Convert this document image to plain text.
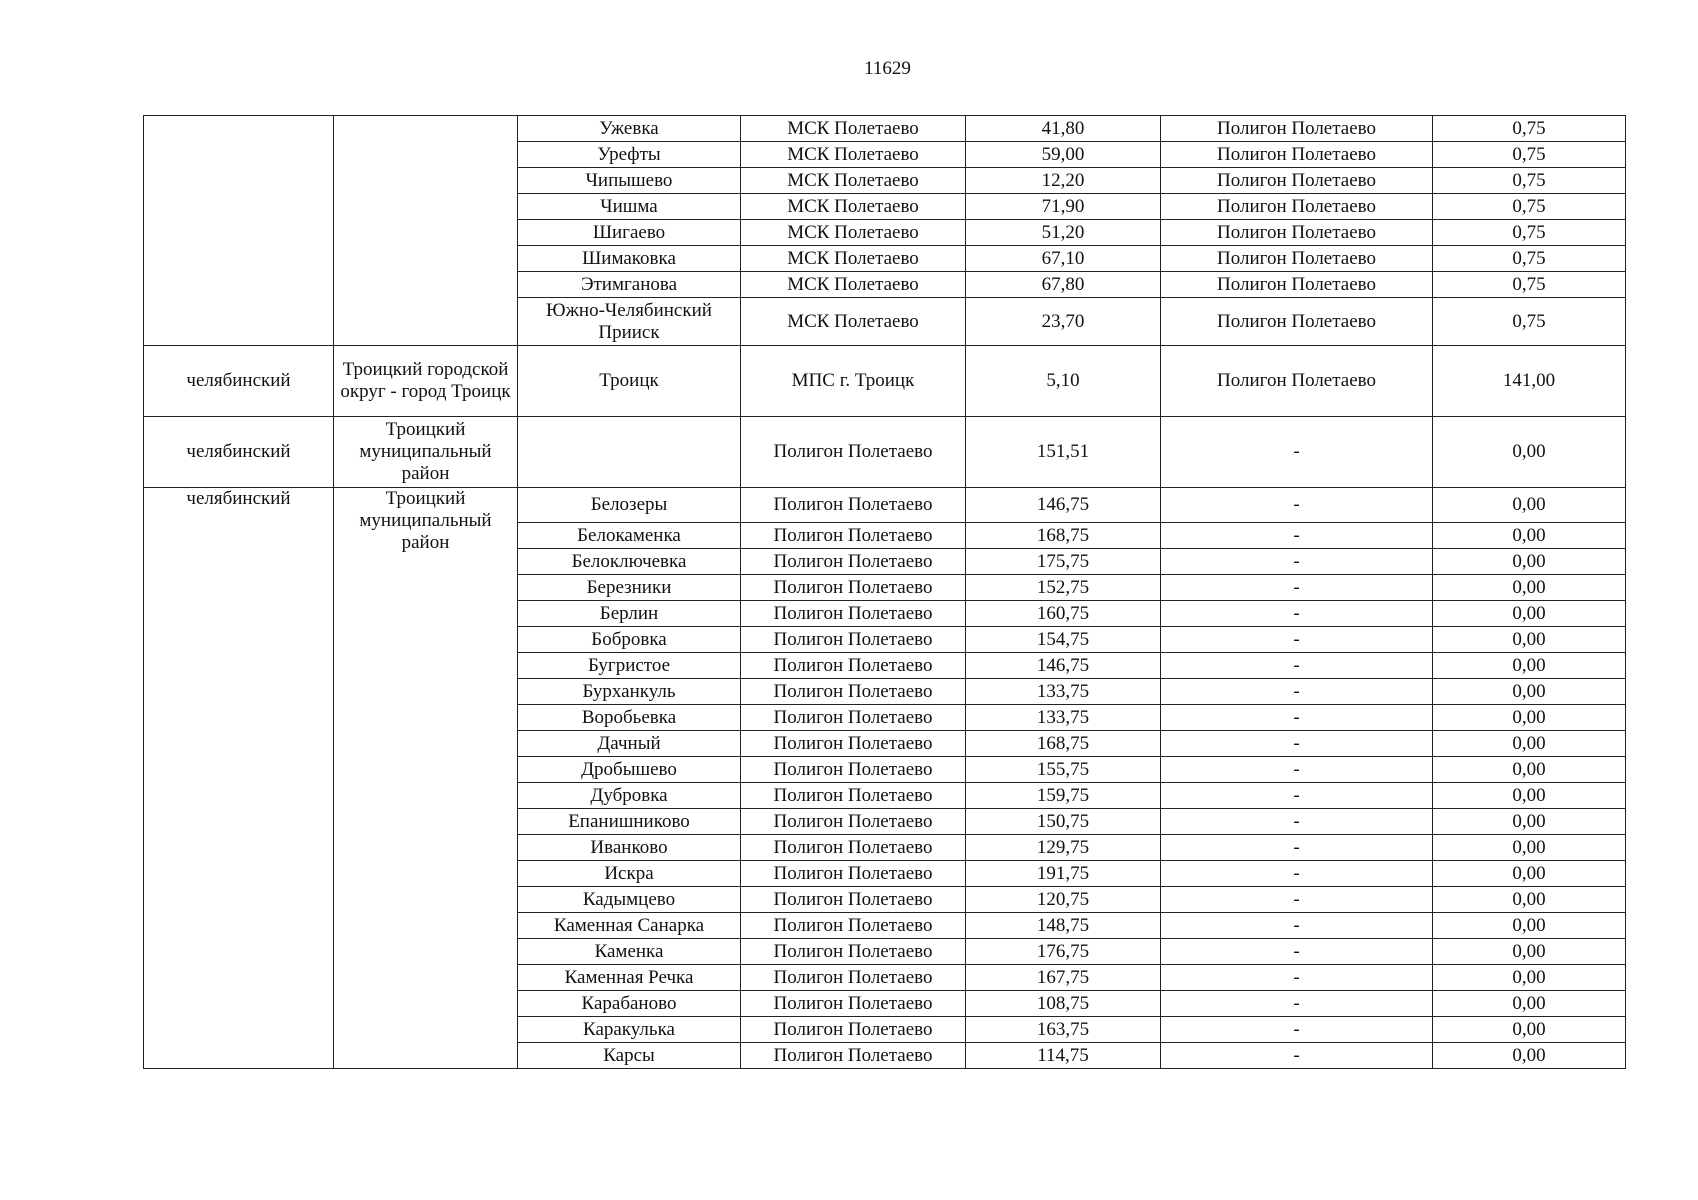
11629
		Ужевка	МСК Полетаево	41,80	Полигон Полетаево	0,75
		Урефты	МСК Полетаево	59,00	Полигон Полетаево	0,75
		Чипышево	МСК Полетаево	12,20	Полигон Полетаево	0,75
		Чишма	МСК Полетаево	71,90	Полигон Полетаево	0,75
		Шигаево	МСК Полетаево	51,20	Полигон Полетаево	0,75
		Шимаковка	МСК Полетаево	67,10	Полигон Полетаево	0,75
		Этимганова	МСК Полетаево	67,80	Полигон Полетаево	0,75
		Южно-Челябинский Прииск	МСК Полетаево	23,70	Полигон Полетаево	0,75
челябинский	Троицкий городской округ - город Троицк	Троицк	МПС г. Троицк	5,10	Полигон Полетаево	141,00
челябинский	Троицкий муниципальный район		Полигон Полетаево	151,51	-	0,00
челябинский	Троицкий муниципальный район	Белозеры	Полигон Полетаево	146,75	-	0,00
		Белокаменка	Полигон Полетаево	168,75	-	0,00
		Белоключевка	Полигон Полетаево	175,75	-	0,00
		Березники	Полигон Полетаево	152,75	-	0,00
		Берлин	Полигон Полетаево	160,75	-	0,00
		Бобровка	Полигон Полетаево	154,75	-	0,00
		Бугристое	Полигон Полетаево	146,75	-	0,00
		Бурханкуль	Полигон Полетаево	133,75	-	0,00
		Воробьевка	Полигон Полетаево	133,75	-	0,00
		Дачный	Полигон Полетаево	168,75	-	0,00
		Дробышево	Полигон Полетаево	155,75	-	0,00
		Дубровка	Полигон Полетаево	159,75	-	0,00
		Епанишниково	Полигон Полетаево	150,75	-	0,00
		Иванково	Полигон Полетаево	129,75	-	0,00
		Искра	Полигон Полетаево	191,75	-	0,00
		Кадымцево	Полигон Полетаево	120,75	-	0,00
		Каменная Санарка	Полигон Полетаево	148,75	-	0,00
		Каменка	Полигон Полетаево	176,75	-	0,00
		Каменная Речка	Полигон Полетаево	167,75	-	0,00
		Карабаново	Полигон Полетаево	108,75	-	0,00
		Каракулька	Полигон Полетаево	163,75	-	0,00
		Карсы	Полигон Полетаево	114,75	-	0,00
